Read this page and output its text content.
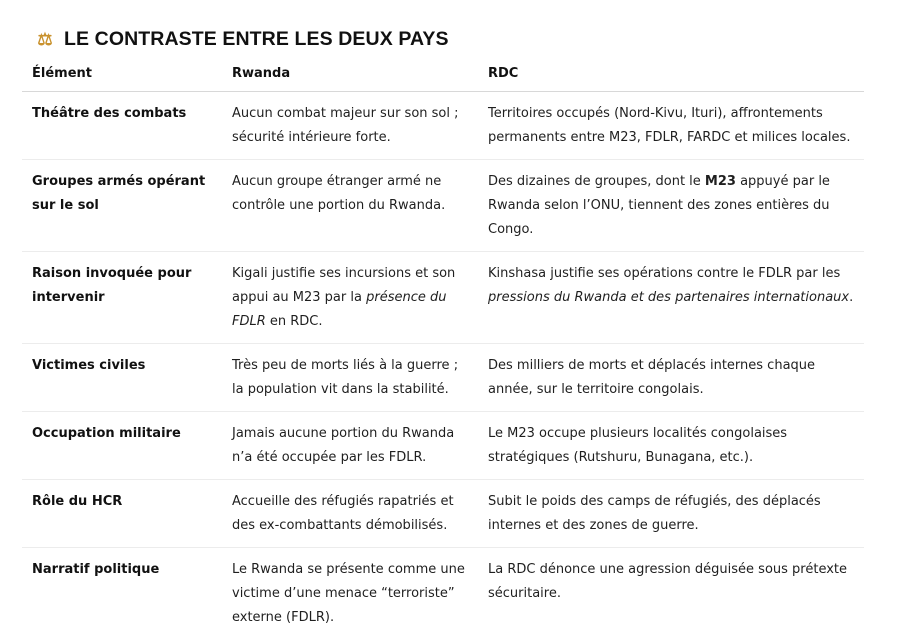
⚖ LE CONTRASTE ENTRE LES DEUX PAYS
Élément	Rwanda	RDC
Théâtre des combats	Aucun combat majeur sur son sol ; sécurité intérieure forte.	Territoires occupés (Nord-Kivu, Ituri), affrontements permanents entre M23, FDLR, FARDC et milices locales.
Groupes armés opérant sur le sol	Aucun groupe étranger armé ne contrôle une portion du Rwanda.	Des dizaines de groupes, dont le M23 appuyé par le Rwanda selon l’ONU, tiennent des zones entières du Congo.
Raison invoquée pour intervenir	Kigali justifie ses incursions et son appui au M23 par la présence du FDLR en RDC.	Kinshasa justifie ses opérations contre le FDLR par les pressions du Rwanda et des partenaires internationaux.
Victimes civiles	Très peu de morts liés à la guerre ; la population vit dans la stabilité.	Des milliers de morts et déplacés internes chaque année, sur le territoire congolais.
Occupation militaire	Jamais aucune portion du Rwanda n’a été occupée par les FDLR.	Le M23 occupe plusieurs localités congolaises stratégiques (Rutshuru, Bunagana, etc.).
Rôle du HCR	Accueille des réfugiés rapatriés et des ex-combattants démobilisés.	Subit le poids des camps de réfugiés, des déplacés internes et des zones de guerre.
Narratif politique	Le Rwanda se présente comme une victime d’une menace “terroriste” externe (FDLR).	La RDC dénonce une agression déguisée sous prétexte sécuritaire.
